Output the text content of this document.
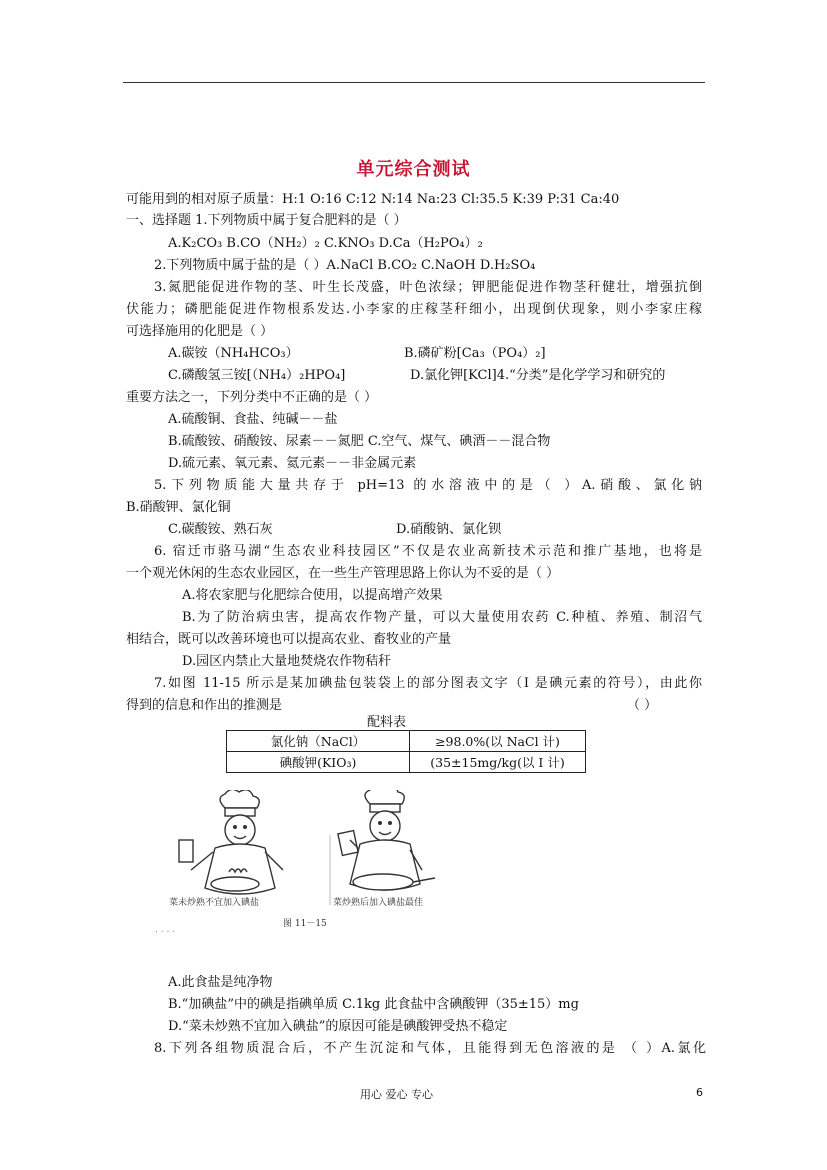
单元综合测试
可能用到的相对原子质量：H:1 O:16 C:12 N:14 Na:23 Cl:35.5 K:39 P:31 Ca:40
一、选择题 1.下列物质中属于复合肥料的是（ ）
A.K₂CO₃ B.CO（NH₂）₂ C.KNO₃ D.Ca（H₂PO₄）₂
2.下列物质中属于盐的是（ ）A.NaCl B.CO₂ C.NaOH D.H₂SO₄
3.氮肥能促进作物的茎、叶生长茂盛，叶色浓绿；钾肥能促进作物茎秆健壮，增强抗倒
伏能力；磷肥能促进作物根系发达.小李家的庄稼茎秆细小，出现倒伏现象，则小李家庄稼
可选择施用的化肥是（ ）
A.碳铵（NH₄HCO₃）	B.磷矿粉[Ca₃（PO₄）₂]
C.磷酸氢三铵[（NH₄）₂HPO₄]	D.氯化钾[KCl]4.“分类”是化学学习和研究的
重要方法之一，下列分类中不正确的是（ ）
A.硫酸铜、食盐、纯碱－－盐
B.硫酸铵、硝酸铵、尿素－－氮肥 C.空气、煤气、碘酒－－混合物
D.硫元素、氧元素、氦元素－－非金属元素
5.下列物质能大量共存于 pH=13 的水溶液中的是（ ）A.硝酸、氯化钠
B.硝酸钾、氯化铜
C.碳酸铵、熟石灰	D.硝酸钠、氯化钡
6. 宿迁市骆马湖“生态农业科技园区”不仅是农业高新技术示范和推广基地，也将是
一个观光休闲的生态农业园区，在一些生产管理思路上你认为不妥的是（ ）
A.将农家肥与化肥综合使用，以提高增产效果
B.为了防治病虫害，提高农作物产量，可以大量使用农药 C.种植、养殖、制沼气
相结合，既可以改善环境也可以提高农业、畜牧业的产量
D.园区内禁止大量地焚烧农作物秸秆
7.如图 11-15 所示是某加碘盐包装袋上的部分图表文字（I 是碘元素的符号），由此你
得到的信息和作出的推测是	（ ）
配料表
氯化钠（NaCl）	≥98.0%(以 NaCl 计)
碘酸钾(KIO₃)	(35±15mg/kg(以 I 计)
菜未炒熟不宜加入碘盐	菜炒熟后加入碘盐最佳
图 11－15
. . . .
A.此食盐是纯净物
B.“加碘盐”中的碘是指碘单质 C.1kg 此食盐中含碘酸钾（35±15）mg
D.“菜未炒熟不宜加入碘盐”的原因可能是碘酸钾受热不稳定
8.下列各组物质混合后，不产生沉淀和气体，且能得到无色溶液的是 （ ）A.氯化
用心 爱心 专心	6
